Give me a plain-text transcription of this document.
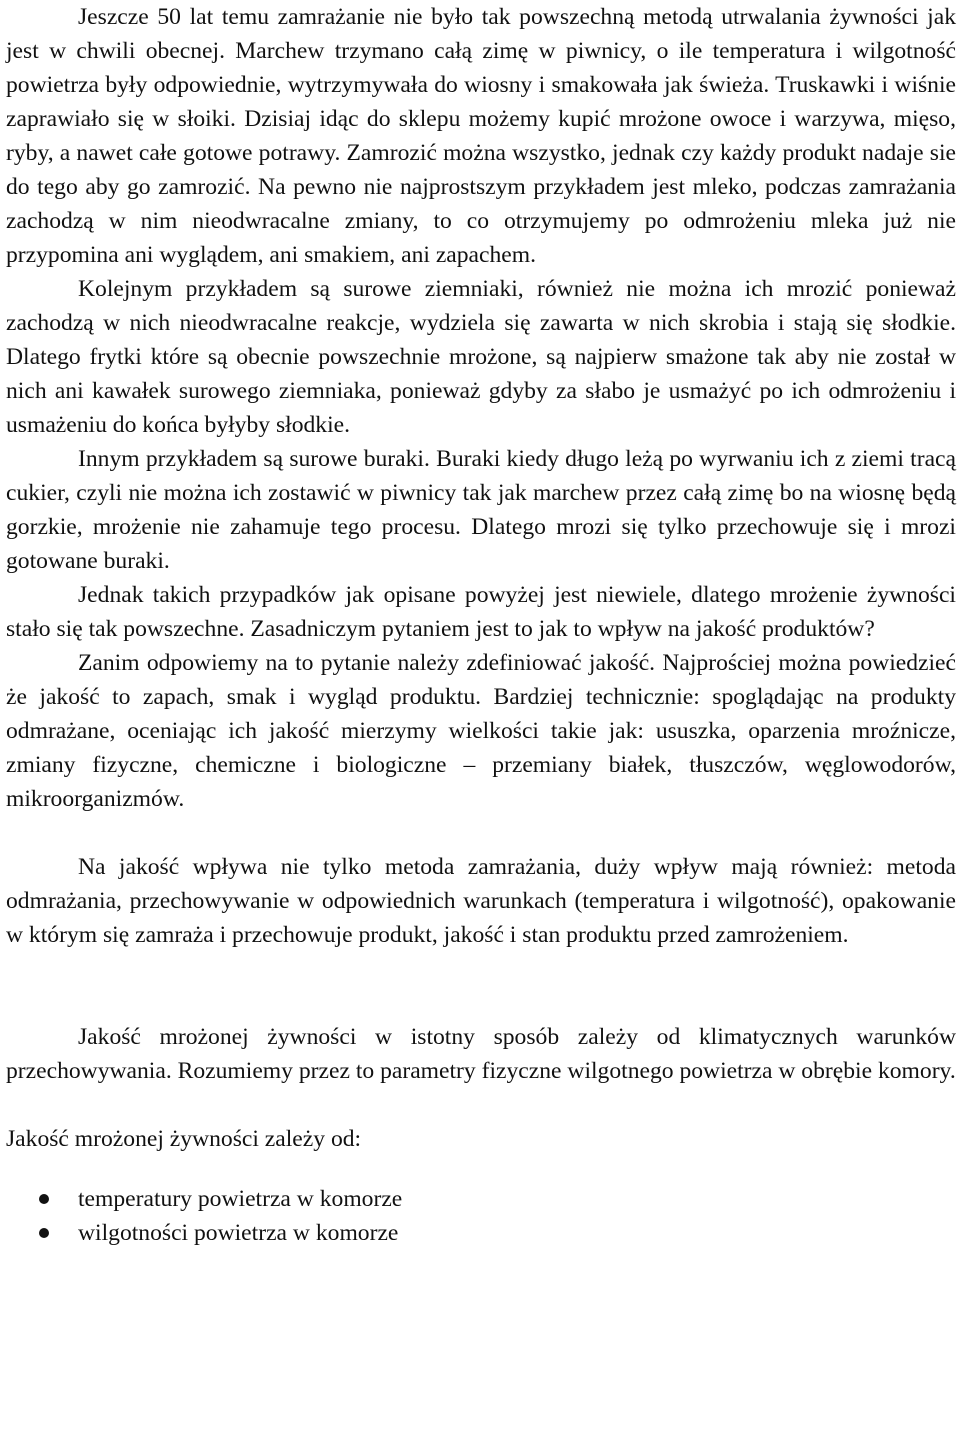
Jeszcze 50 lat temu zamrażanie nie było tak powszechną metodą utrwalania żywności jak jest w chwili obecnej. Marchew trzymano całą zimę w piwnicy, o ile temperatura i wilgotność powietrza były odpowiednie, wytrzymywała do wiosny i smakowała jak świeża. Truskawki i wiśnie zaprawiało się w słoiki. Dzisiaj idąc do sklepu możemy kupić mrożone owoce i warzywa, mięso, ryby, a nawet całe gotowe potrawy. Zamrozić można wszystko, jednak czy każdy produkt nadaje sie do tego aby go zamrozić. Na pewno nie najprostszym przykładem jest mleko, podczas zamrażania zachodzą w nim nieodwracalne zmiany, to co otrzymujemy po odmrożeniu mleka już nie przypomina ani wyglądem, ani smakiem, ani zapachem.

Kolejnym przykładem są surowe ziemniaki, również nie można ich mrozić ponieważ zachodzą w nich nieodwracalne reakcje, wydziela się zawarta w nich skrobia i stają się słodkie. Dlatego frytki które są obecnie powszechnie mrożone, są najpierw smażone tak aby nie został w nich ani kawałek surowego ziemniaka, ponieważ gdyby za słabo je usmażyć po ich odmrożeniu i usmażeniu do końca byłyby słodkie.

Innym przykładem są surowe buraki. Buraki kiedy długo leżą po wyrwaniu ich z ziemi tracą cukier, czyli nie można ich zostawić w piwnicy tak jak marchew przez całą zimę bo na wiosnę będą gorzkie, mrożenie nie zahamuje tego procesu. Dlatego mrozi się tylko przechowuje się i mrozi gotowane buraki.

Jednak takich przypadków jak opisane powyżej jest niewiele, dlatego mrożenie żywności stało się tak powszechne. Zasadniczym pytaniem jest to jak to wpływ na jakość produktów?

Zanim odpowiemy na to pytanie należy zdefiniować jakość. Najprościej można powiedzieć że jakość to zapach, smak i wygląd produktu. Bardziej technicznie: spoglądając na produkty odmrażane, oceniając ich jakość mierzymy wielkości takie jak: ususzka, oparzenia mroźnicze, zmiany fizyczne, chemiczne i biologiczne – przemiany białek, tłuszczów, węglowodorów, mikroorganizmów.

Na jakość wpływa nie tylko metoda zamrażania, duży wpływ mają również: metoda odmrażania, przechowywanie w odpowiednich warunkach (temperatura i wilgotność), opakowanie w którym się zamraża i przechowuje produkt, jakość i stan produktu przed zamrożeniem.

Jakość mrożonej żywności w istotny sposób zależy od klimatycznych warunków przechowywania. Rozumiemy przez to parametry fizyczne wilgotnego powietrza w obrębie komory.

Jakość mrożonej żywności zależy od:

temperatury powietrza w komorze
wilgotności powietrza w komorze
